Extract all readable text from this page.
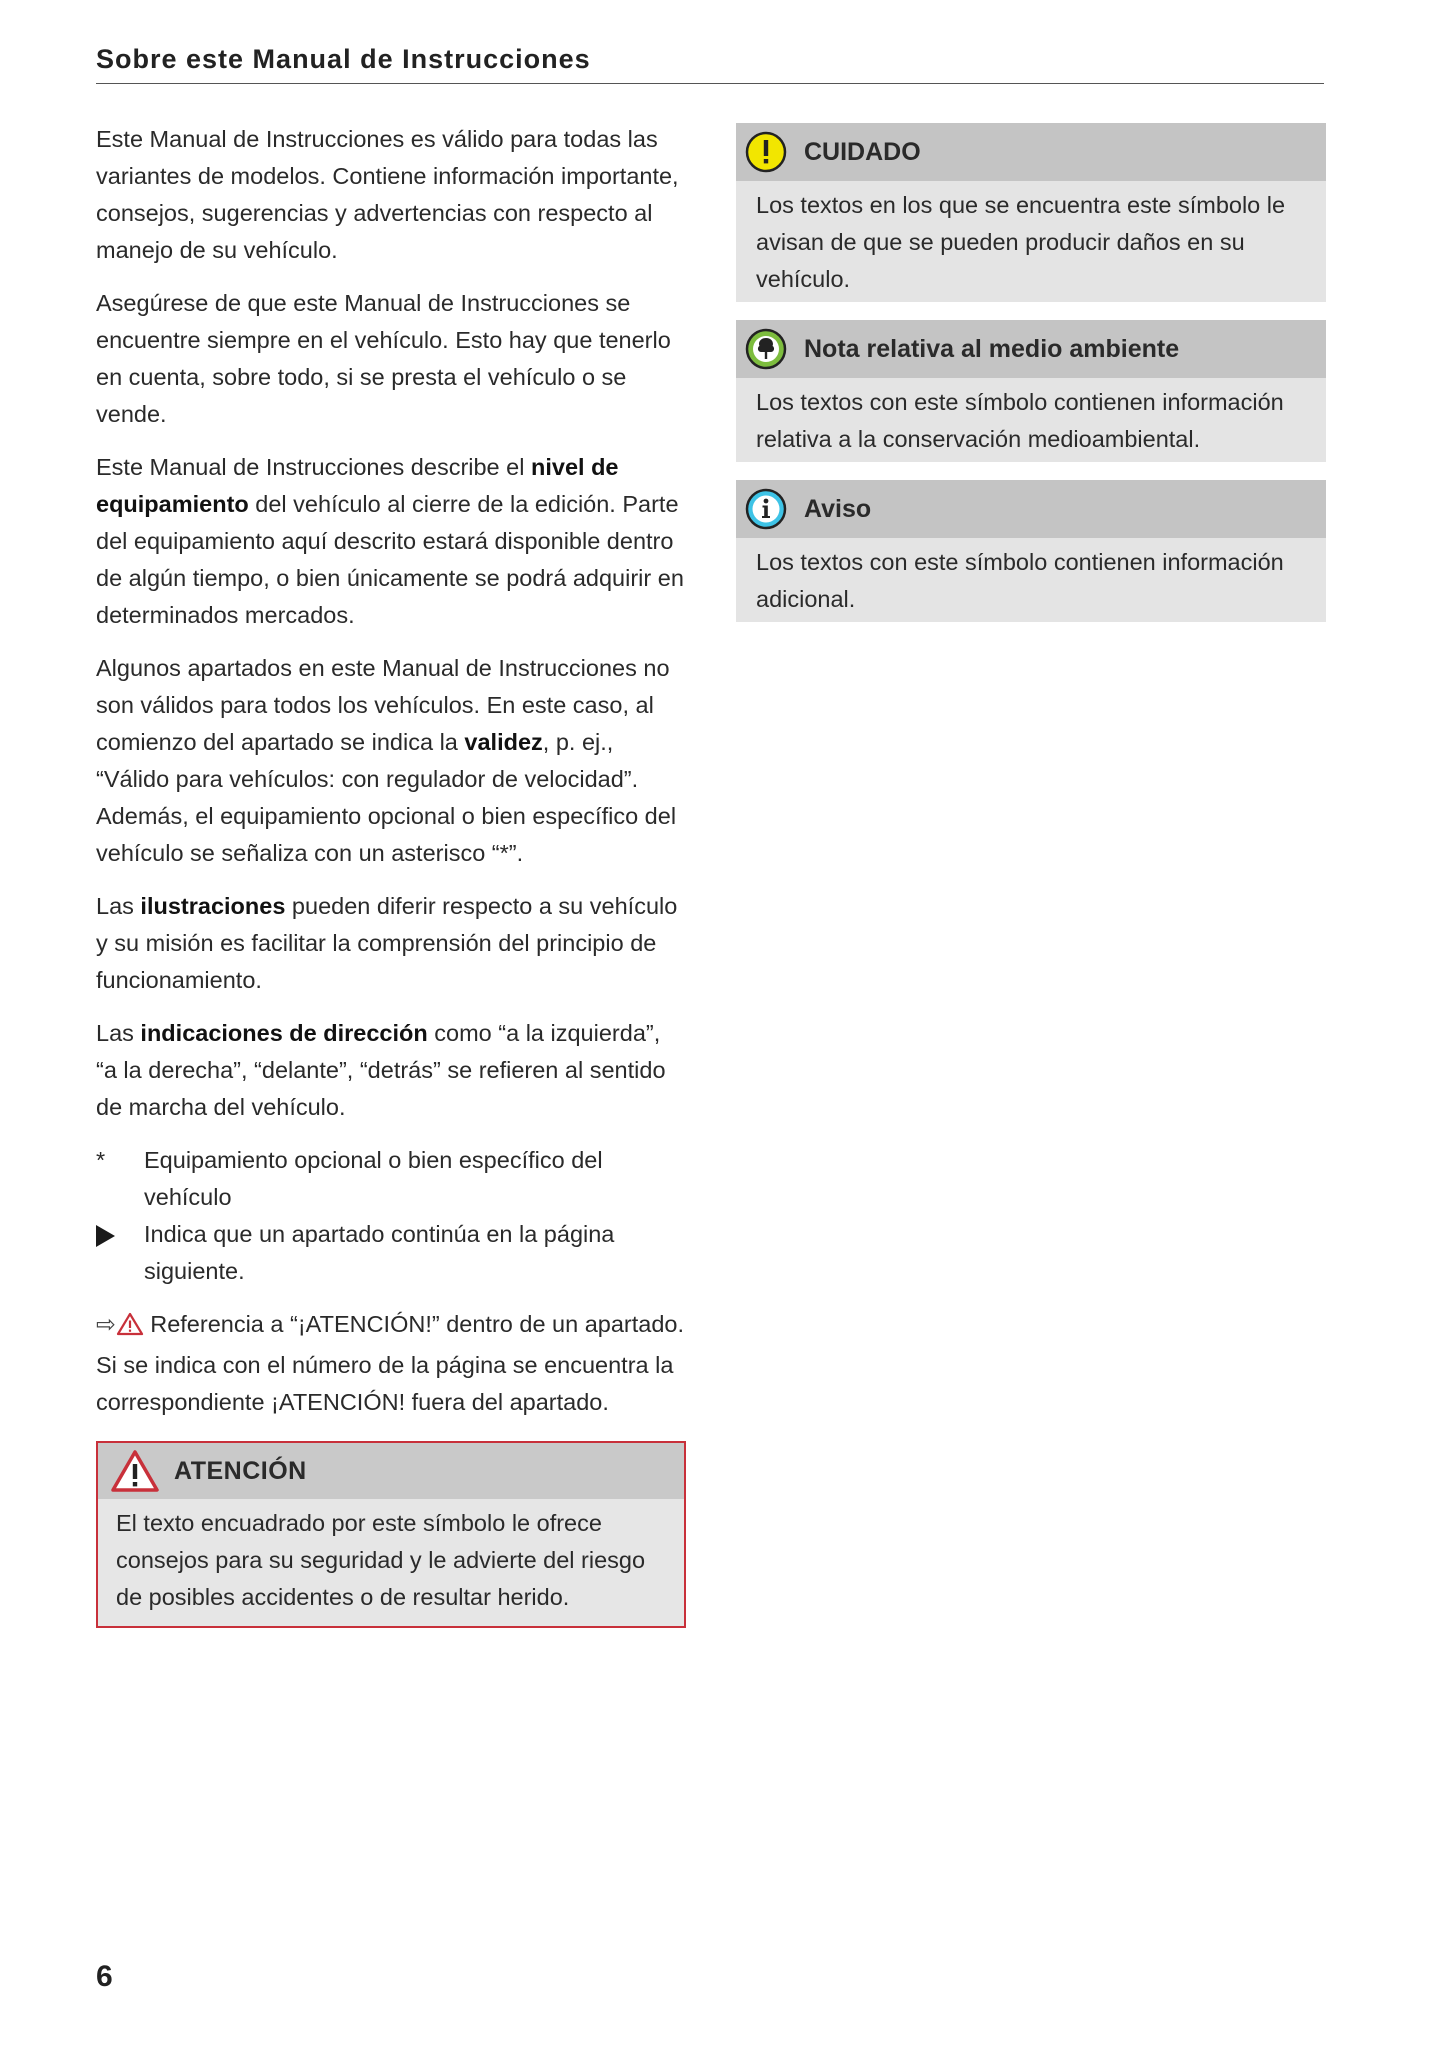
Sobre este Manual de Instrucciones

Este Manual de Instrucciones es válido para todas las variantes de modelos. Contiene información importante, consejos, sugerencias y advertencias con respecto al manejo de su vehículo.

Asegúrese de que este Manual de Instrucciones se encuentre siempre en el vehículo. Esto hay que tenerlo en cuenta, sobre todo, si se presta el vehículo o se vende.

Este Manual de Instrucciones describe el nivel de equipamiento del vehículo al cierre de la edición. Parte del equipamiento aquí descrito estará disponible dentro de algún tiempo, o bien únicamente se podrá adquirir en determinados mercados.

Algunos apartados en este Manual de Instrucciones no son válidos para todos los vehículos. En este caso, al comienzo del apartado se indica la validez, p. ej., “Válido para vehículos: con regulador de velocidad”. Además, el equipamiento opcional o bien específico del vehículo se señaliza con un asterisco “*”.

Las ilustraciones pueden diferir respecto a su vehículo y su misión es facilitar la comprensión del principio de funcionamiento.

Las indicaciones de dirección como “a la izquierda”, “a la derecha”, “delante”, “detrás” se refieren al sentido de marcha del vehículo.

*	Equipamiento opcional o bien específico del vehículo
Indica que un apartado continúa en la página siguiente.

⇨ Referencia a “¡ATENCIÓN!” dentro de un apartado. Si se indica con el número de la página se encuentra la correspondiente ¡ATENCIÓN! fuera del apartado.

ATENCIÓN
El texto encuadrado por este símbolo le ofrece consejos para su seguridad y le advierte del riesgo de posibles accidentes o de resultar herido.
CUIDADO
Los textos en los que se encuentra este símbolo le avisan de que se pueden producir daños en su vehículo.
Nota relativa al medio ambiente
Los textos con este símbolo contienen información relativa a la conservación medioambiental.
Aviso
Los textos con este símbolo contienen información adicional.
6
